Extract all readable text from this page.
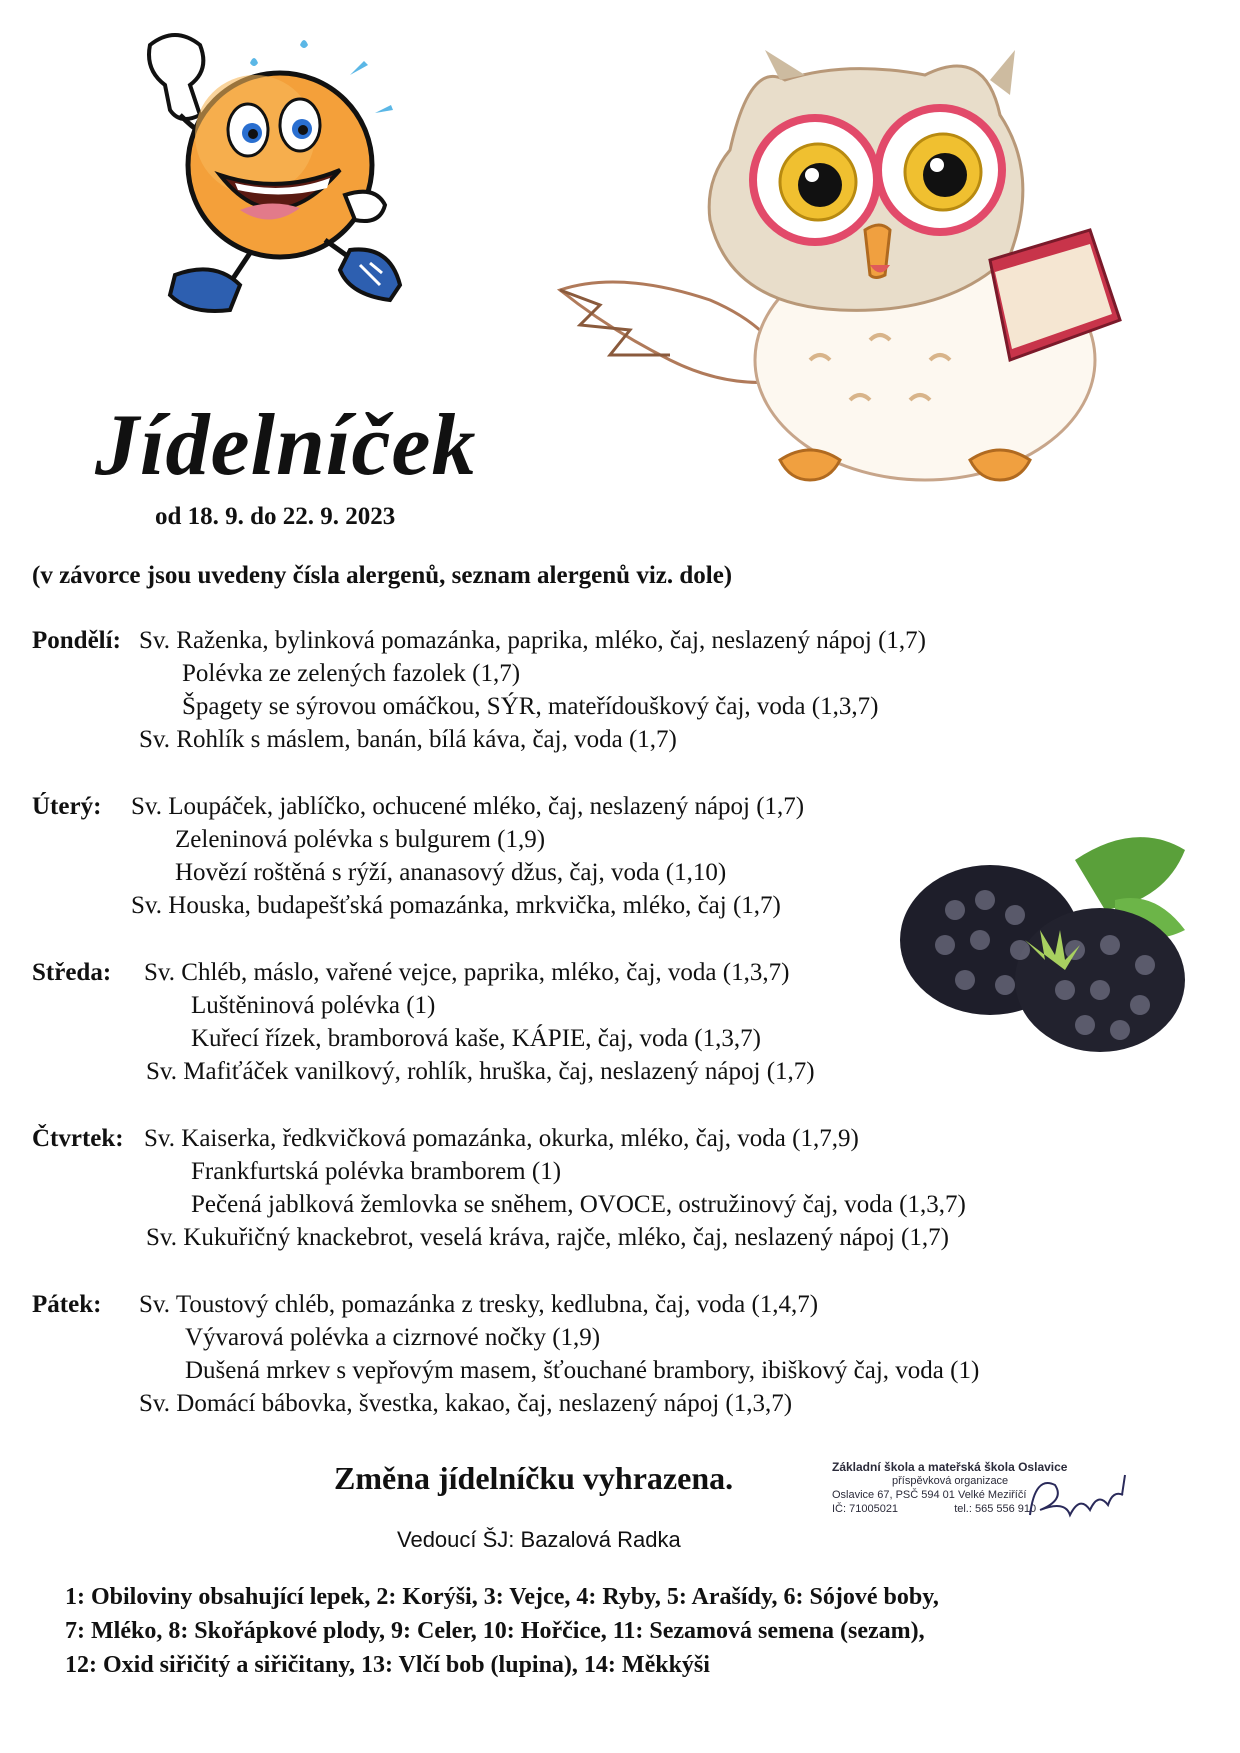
Jídelníček
od 18. 9. do 22. 9. 2023
(v závorce jsou uvedeny čísla alergenů, seznam alergenů viz. dole)
Pondělí: Sv. Raženka, bylinková pomazánka, paprika, mléko, čaj, neslazený nápoj (1,7)
Polévka ze zelených fazolek (1,7)
Špagety se sýrovou omáčkou, SÝR, mateřídouškový čaj, voda (1,3,7)
Sv. Rohlík s máslem, banán, bílá káva, čaj, voda (1,7)
Úterý: Sv. Loupáček, jablíčko, ochucené mléko, čaj, neslazený nápoj (1,7)
Zeleninová polévka s bulgurem (1,9)
Hovězí roštěná s rýží, ananasový džus, čaj, voda (1,10)
Sv. Houska, budapešťská pomazánka, mrkvička, mléko, čaj (1,7)
Středa: Sv. Chléb, máslo, vařené vejce, paprika, mléko, čaj, voda (1,3,7)
Luštěninová polévka (1)
Kuřecí řízek, bramborová kaše, KÁPIE, čaj, voda (1,3,7)
Sv. Mafiťáček vanilkový, rohlík, hruška, čaj, neslazený nápoj (1,7)
Čtvrtek: Sv. Kaiserka, ředkvičková pomazánka, okurka, mléko, čaj, voda (1,7,9)
Frankfurtská polévka bramborem (1)
Pečená jablková žemlovka se sněhem, OVOCE, ostružinový čaj, voda (1,3,7)
Sv. Kukuřičný knackebrot, veselá kráva, rajče, mléko, čaj, neslazený nápoj (1,7)
Pátek: Sv. Toustový chléb, pomazánka z tresky, kedlubna, čaj, voda (1,4,7)
Vývarová polévka a cizrnové nočky (1,9)
Dušená mrkev s vepřovým masem, šťouchané brambory, ibiškový čaj, voda (1)
Sv. Domácí bábovka, švestka, kakao, čaj, neslazený nápoj (1,3,7)
Změna jídelníčku vyhrazena.
Vedoucí ŠJ: Bazalová Radka
Základní škola a mateřská škola Oslavice
příspěvková organizace
Oslavice 67, PSČ 594 01 Velké Meziříčí
IČ: 71005021	tel.: 565 556 910
1: Obiloviny obsahující lepek, 2: Korýši, 3: Vejce, 4: Ryby, 5: Arašídy, 6: Sójové boby,
7: Mléko, 8: Skořápkové plody, 9: Celer, 10: Hořčice, 11: Sezamová semena (sezam),
12: Oxid siřičitý a siřičitany, 13: Vlčí bob (lupina), 14: Měkkýši
